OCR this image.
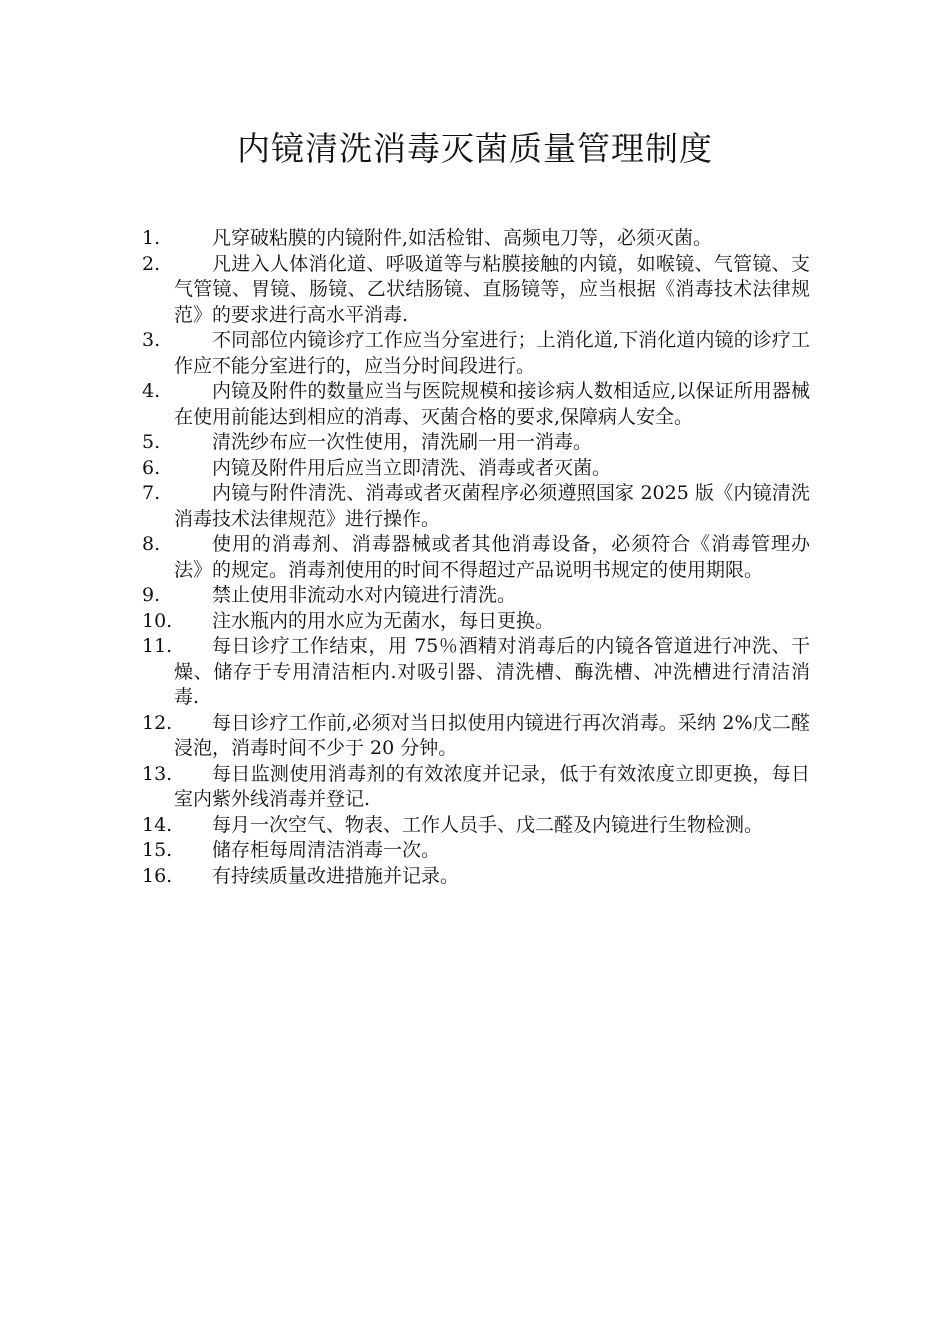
内镜清洗消毒灭菌质量管理制度
1.	凡穿破粘膜的内镜附件,如活检钳、高频电刀等，必须灭菌。
2.	凡进入人体消化道、呼吸道等与粘膜接触的内镜，如喉镜、气管镜、支气管镜、胃镜、肠镜、乙状结肠镜、直肠镜等，应当根据《消毒技术法律规范》的要求进行高水平消毒.
3.	不同部位内镜诊疗工作应当分室进行；上消化道,下消化道内镜的诊疗工作应不能分室进行的，应当分时间段进行。
4.	内镜及附件的数量应当与医院规模和接诊病人数相适应,以保证所用器械在使用前能达到相应的消毒、灭菌合格的要求,保障病人安全。
5.	清洗纱布应一次性使用，清洗刷一用一消毒。
6.	内镜及附件用后应当立即清洗、消毒或者灭菌。
7.	内镜与附件清洗、消毒或者灭菌程序必须遵照国家 2025 版《内镜清洗消毒技术法律规范》进行操作。
8.	使用的消毒剂、消毒器械或者其他消毒设备，必须符合《消毒管理办法》的规定。消毒剂使用的时间不得超过产品说明书规定的使用期限。
9.	禁止使用非流动水对内镜进行清洗。
10.	注水瓶内的用水应为无菌水，每日更换。
11.	每日诊疗工作结束，用 75％酒精对消毒后的内镜各管道进行冲洗、干燥、储存于专用清洁柜内.对吸引器、清洗槽、酶洗槽、冲洗槽进行清洁消毒.
12.	每日诊疗工作前,必须对当日拟使用内镜进行再次消毒。采纳 2%戊二醛浸泡，消毒时间不少于 20 分钟。
13.	每日监测使用消毒剂的有效浓度并记录，低于有效浓度立即更换，每日室内紫外线消毒并登记.
14.	每月一次空气、物表、工作人员手、戊二醛及内镜进行生物检测。
15.	储存柜每周清洁消毒一次。
16.	有持续质量改进措施并记录。
